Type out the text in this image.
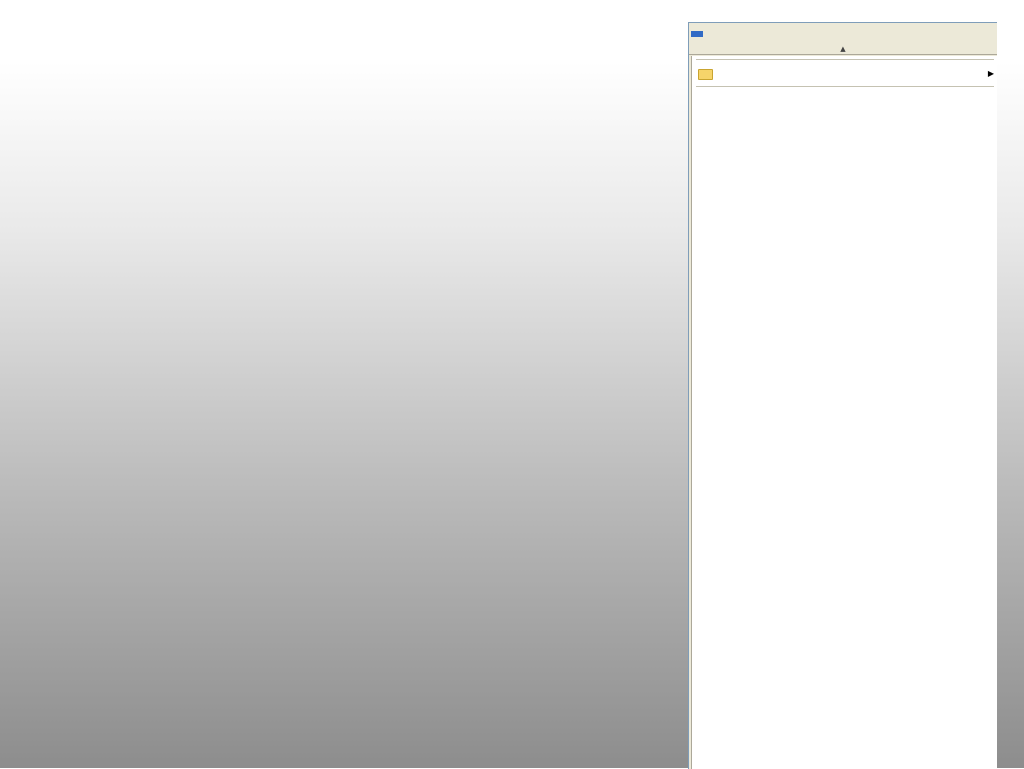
▲
▶
